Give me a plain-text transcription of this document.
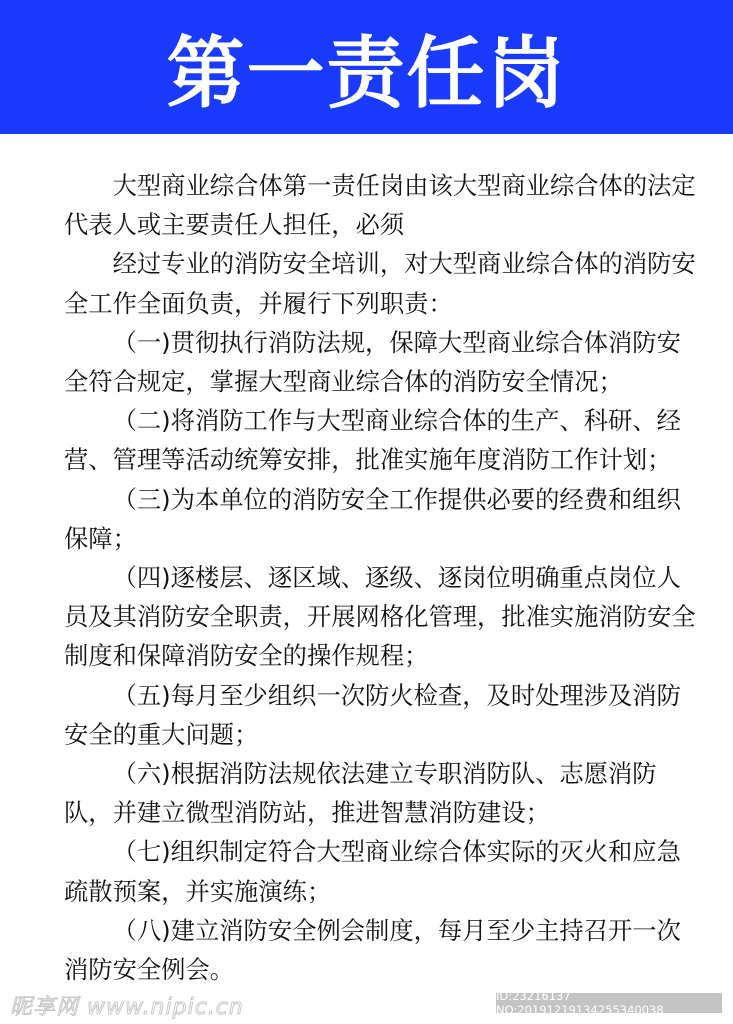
第一责任岗

大型商业综合体第一责任岗由该大型商业综合体的法定代表人或主要责任人担任，必须

经过专业的消防安全培训，对大型商业综合体的消防安全工作全面负责，并履行下列职责：

（一)贯彻执行消防法规，保障大型商业综合体消防安全符合规定，掌握大型商业综合体的消防安全情况；

（二)将消防工作与大型商业综合体的生产、科研、经营、管理等活动统筹安排，批准实施年度消防工作计划；

（三)为本单位的消防安全工作提供必要的经费和组织保障；

（四)逐楼层、逐区域、逐级、逐岗位明确重点岗位人员及其消防安全职责，开展网格化管理，批准实施消防安全制度和保障消防安全的操作规程；

（五)每月至少组织一次防火检查，及时处理涉及消防安全的重大问题；

（六)根据消防法规依法建立专职消防队、志愿消防队，并建立微型消防站，推进智慧消防建设；

（七)组织制定符合大型商业综合体实际的灭火和应急疏散预案，并实施演练；

（八)建立消防安全例会制度，每月至少主持召开一次消防安全例会。

昵享网 www.nipic.cn	ID:23216137 NO:20191219134255340038
